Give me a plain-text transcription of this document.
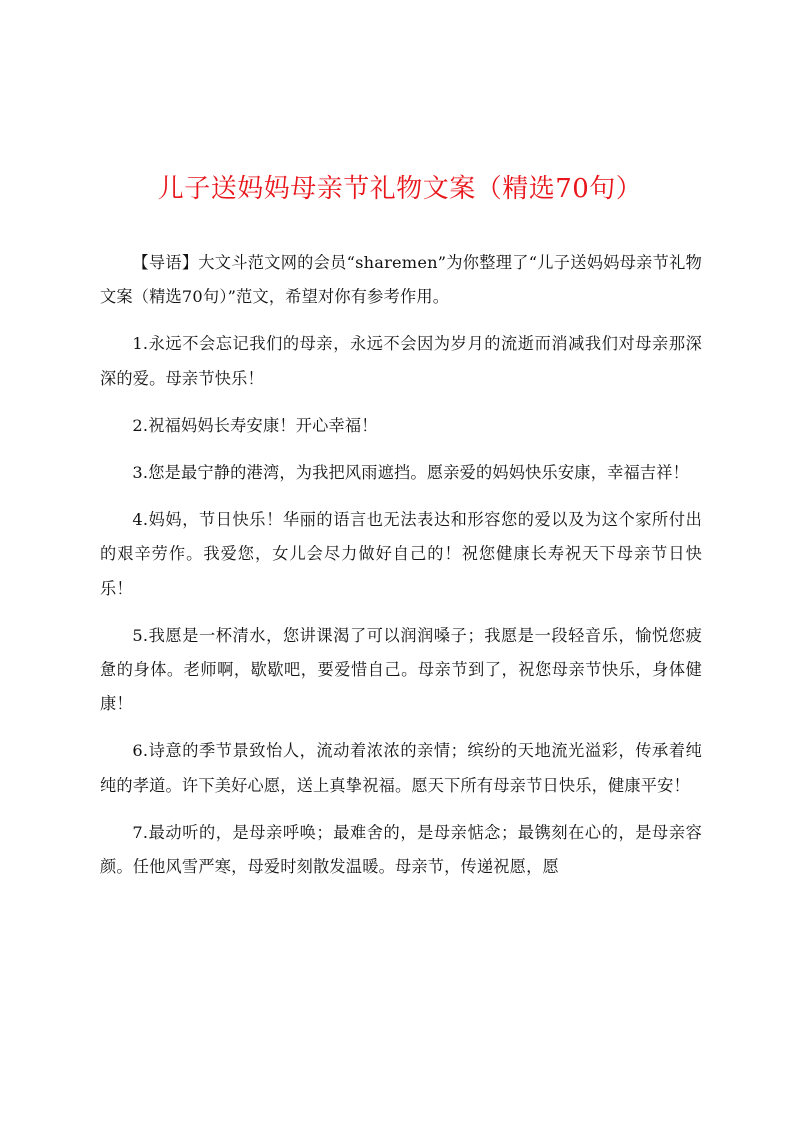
儿子送妈妈母亲节礼物文案（精选70句）

【导语】大文斗范文网的会员“sharemen”为你整理了“儿子送妈妈母亲节礼物文案（精选70句）”范文，希望对你有参考作用。

1.永远不会忘记我们的母亲，永远不会因为岁月的流逝而消减我们对母亲那深深的爱。母亲节快乐！

2.祝福妈妈长寿安康！开心幸福！

3.您是最宁静的港湾，为我把风雨遮挡。愿亲爱的妈妈快乐安康，幸福吉祥！

4.妈妈，节日快乐！华丽的语言也无法表达和形容您的爱以及为这个家所付出的艰辛劳作。我爱您，女儿会尽力做好自己的！祝您健康长寿祝天下母亲节日快乐！

5.我愿是一杯清水，您讲课渴了可以润润嗓子；我愿是一段轻音乐，愉悦您疲惫的身体。老师啊，歇歇吧，要爱惜自己。母亲节到了，祝您母亲节快乐，身体健康！

6.诗意的季节景致怡人，流动着浓浓的亲情；缤纷的天地流光溢彩，传承着纯纯的孝道。许下美好心愿，送上真挚祝福。愿天下所有母亲节日快乐，健康平安！

7.最动听的，是母亲呼唤；最难舍的，是母亲惦念；最镌刻在心的，是母亲容颜。任他风雪严寒，母爱时刻散发温暖。母亲节，传递祝愿，愿
